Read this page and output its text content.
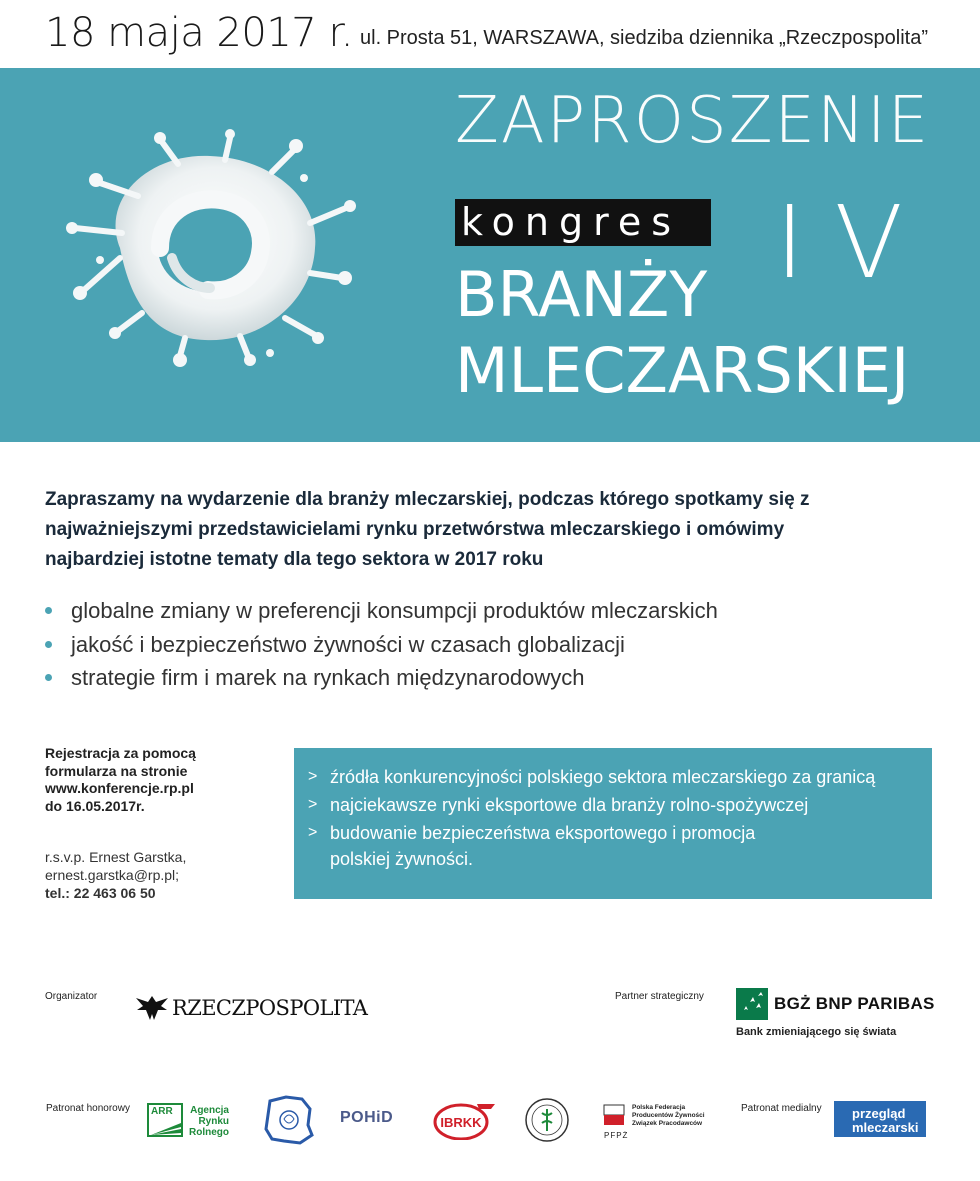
18 maja 2017 r. ul. Prosta 51, WARSZAWA, siedziba dziennika „Rzeczpospolita”
ZAPROSZENIE
kongres IV
BRANŻY
MLECZARSKIEJ
Zapraszamy na wydarzenie dla branży mleczarskiej, podczas którego spotkamy się z najważniejszymi przedstawicielami rynku przetwórstwa mleczarskiego i omówimy najbardziej istotne tematy dla tego sektora w 2017 roku
globalne zmiany w preferencji konsumpcji produktów mleczarskich
jakość i bezpieczeństwo żywności w czasach globalizacji
strategie firm i marek na rynkach międzynarodowych
Rejestracja za pomocą
formularza na stronie
www.konferencje.rp.pl
do 16.05.2017r.
r.s.v.p. Ernest Garstka,
ernest.garstka@rp.pl;
tel.: 22 463 06 50
> źródła konkurencyjności polskiego sektora mleczarskiego za granicą
> najciekawsze rynki eksportowe dla branży rolno-spożywczej
> budowanie bezpieczeństwa eksportowego i promocja
polskiej żywności.
Organizator	RZECZPOSPOLITA	Partner strategiczny	BGŻ BNP PARIBAS
Bank zmieniającego się świata
Patronat honorowy ARR Agencja
Rynku
Rolnego
POHiD	IBRKK
Polska Federacja
Producentów Żywności
Związek Pracodawców
PFPŻ
Patronat medialny przegląd
mleczarski
